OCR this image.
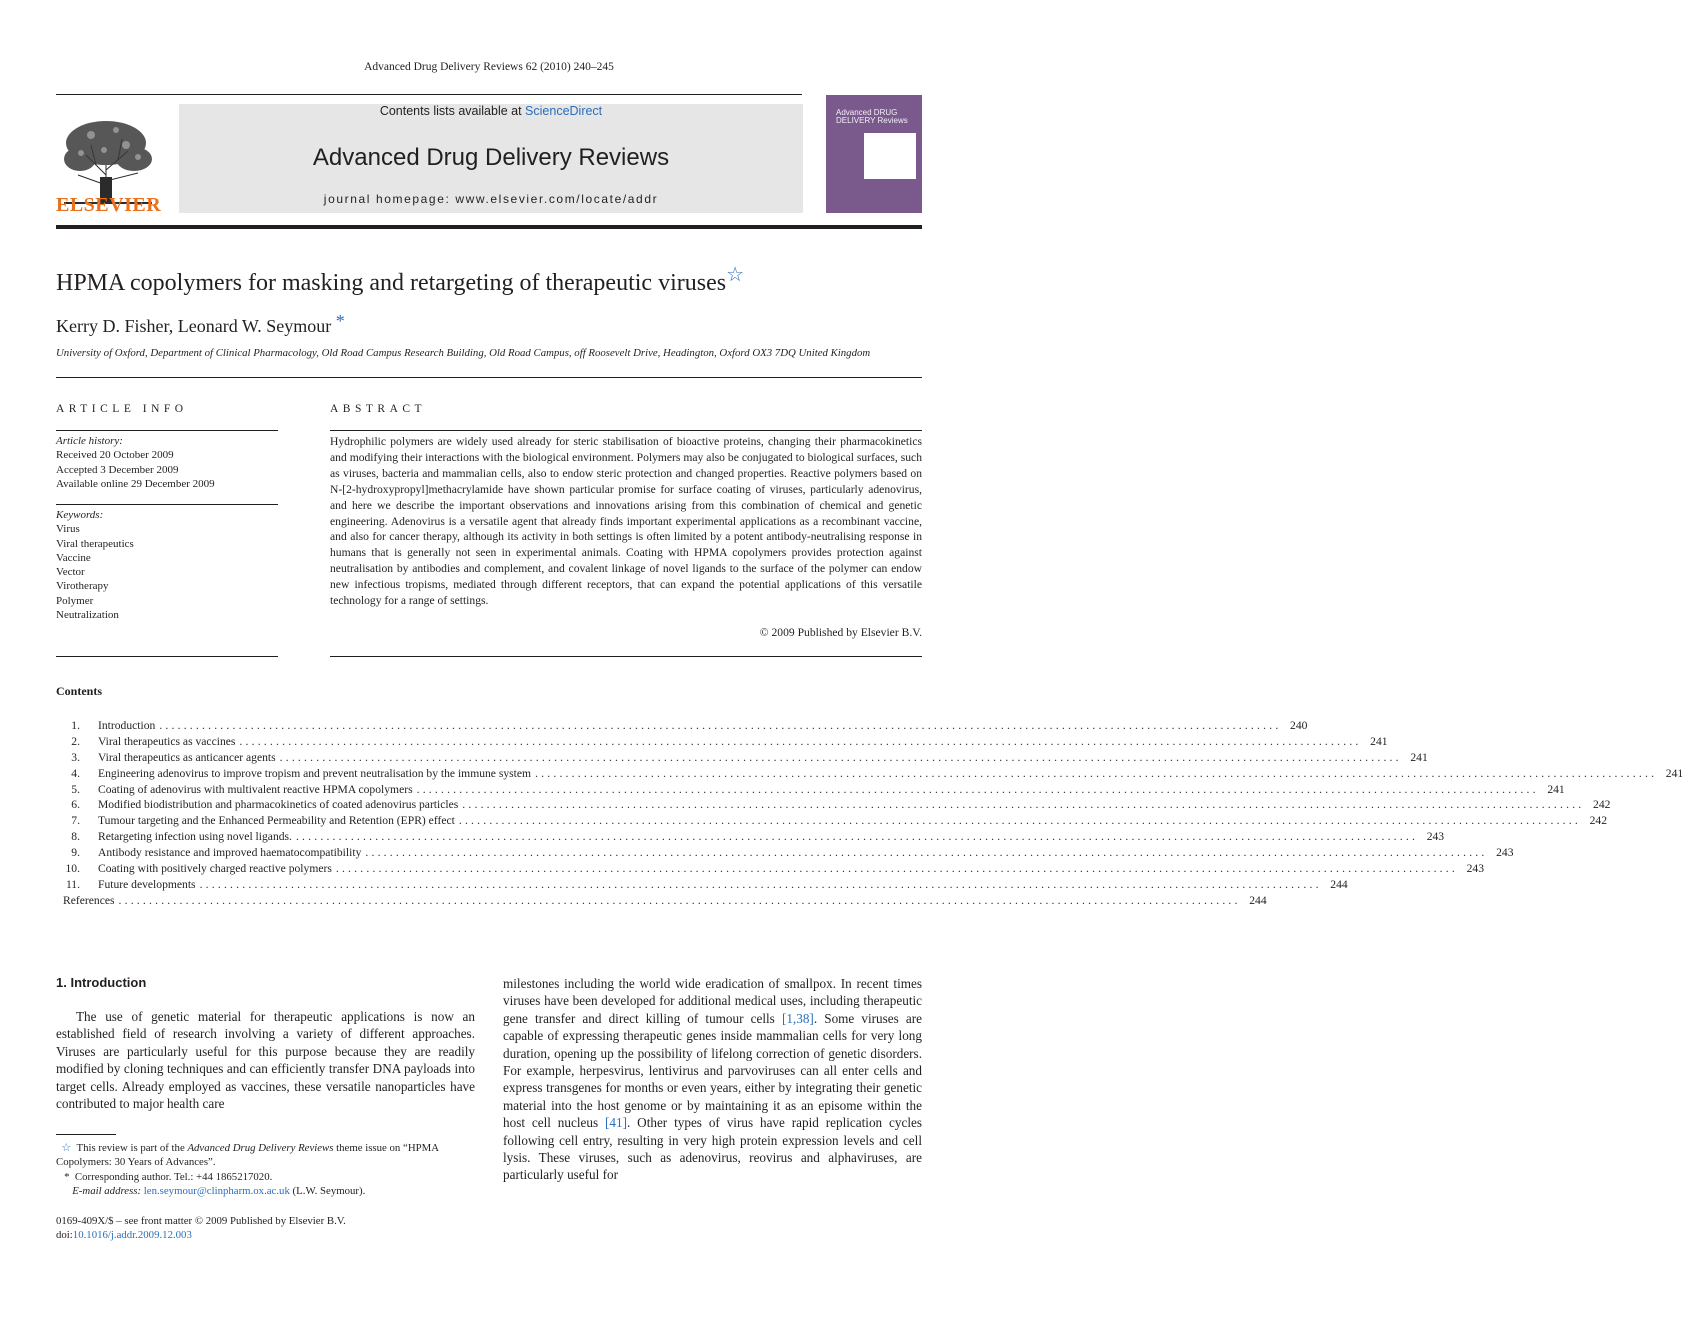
Advanced Drug Delivery Reviews 62 (2010) 240–245
ELSEVIER
Contents lists available at ScienceDirect
Advanced Drug Delivery Reviews
journal homepage: www.elsevier.com/locate/addr
Advanced DRUG DELIVERY Reviews
HPMA copolymers for masking and retargeting of therapeutic viruses☆
Kerry D. Fisher, Leonard W. Seymour *
University of Oxford, Department of Clinical Pharmacology, Old Road Campus Research Building, Old Road Campus, off Roosevelt Drive, Headington, Oxford OX3 7DQ United Kingdom
ARTICLE INFO	ABSTRACT
Article history:
Received 20 October 2009
Accepted 3 December 2009
Available online 29 December 2009
Keywords:
Virus
Viral therapeutics
Vaccine
Vector
Virotherapy
Polymer
Neutralization
Hydrophilic polymers are widely used already for steric stabilisation of bioactive proteins, changing their pharmacokinetics and modifying their interactions with the biological environment. Polymers may also be conjugated to biological surfaces, such as viruses, bacteria and mammalian cells, also to endow steric protection and changed properties. Reactive polymers based on N-[2-hydroxypropyl]methacrylamide have shown particular promise for surface coating of viruses, particularly adenovirus, and here we describe the important observations and innovations arising from this combination of chemical and genetic engineering. Adenovirus is a versatile agent that already finds important experimental applications as a recombinant vaccine, and also for cancer therapy, although its activity in both settings is often limited by a potent antibody-neutralising response in humans that is generally not seen in experimental animals. Coating with HPMA copolymers provides protection against neutralisation by antibodies and complement, and covalent linkage of novel ligands to the surface of the polymer can endow new infectious tropisms, mediated through different receptors, that can expand the potential applications of this versatile technology for a range of settings.
© 2009 Published by Elsevier B.V.
Contents
1. Introduction ........................................................................................................................................................................................ 240
2. Viral therapeutics as vaccines ........................................................................................................................................................................................ 241
3. Viral therapeutics as anticancer agents ........................................................................................................................................................................................ 241
4. Engineering adenovirus to improve tropism and prevent neutralisation by the immune system ........................................................................................................................................................................................ 241
5. Coating of adenovirus with multivalent reactive HPMA copolymers ........................................................................................................................................................................................ 241
6. Modified biodistribution and pharmacokinetics of coated adenovirus particles ........................................................................................................................................................................................ 242
7. Tumour targeting and the Enhanced Permeability and Retention (EPR) effect ........................................................................................................................................................................................ 242
8. Retargeting infection using novel ligands. ........................................................................................................................................................................................ 243
9. Antibody resistance and improved haematocompatibility ........................................................................................................................................................................................ 243
10. Coating with positively charged reactive polymers ........................................................................................................................................................................................ 243
11. Future developments ........................................................................................................................................................................................ 244
References ........................................................................................................................................................................................ 244
1. Introduction
The use of genetic material for therapeutic applications is now an established field of research involving a variety of different approaches. Viruses are particularly useful for this purpose because they are readily modified by cloning techniques and can efficiently transfer DNA payloads into target cells. Already employed as vaccines, these versatile nanoparticles have contributed to major health care
milestones including the world wide eradication of smallpox. In recent times viruses have been developed for additional medical uses, including therapeutic gene transfer and direct killing of tumour cells [1,38]. Some viruses are capable of expressing therapeutic genes inside mammalian cells for very long duration, opening up the possibility of lifelong correction of genetic disorders. For example, herpesvirus, lentivirus and parvoviruses can all enter cells and express transgenes for months or even years, either by integrating their genetic material into the host genome or by maintaining it as an episome within the host cell nucleus [41]. Other types of virus have rapid replication cycles following cell entry, resulting in very high protein expression levels and cell lysis. These viruses, such as adenovirus, reovirus and alphaviruses, are particularly useful for
☆ This review is part of the Advanced Drug Delivery Reviews theme issue on “HPMA
Copolymers: 30 Years of Advances”.
* Corresponding author. Tel.: +44 1865217020.
E-mail address: len.seymour@clinpharm.ox.ac.uk (L.W. Seymour).
0169-409X/$ – see front matter © 2009 Published by Elsevier B.V.
doi:10.1016/j.addr.2009.12.003
